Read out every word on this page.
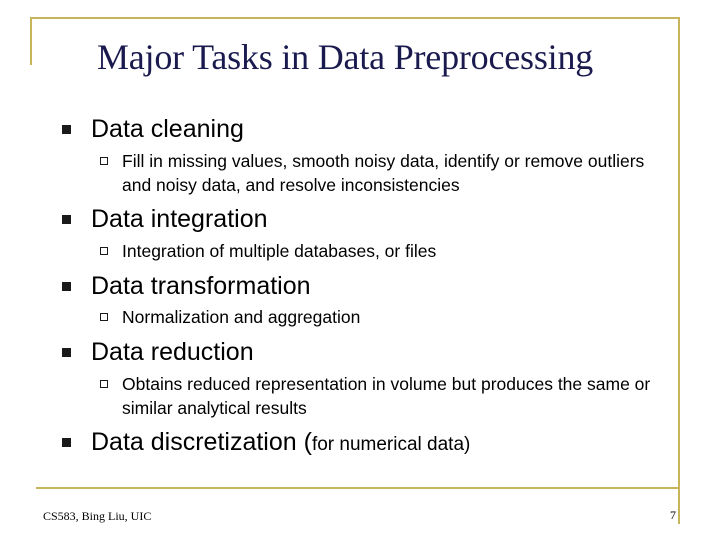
Major Tasks in Data Preprocessing
Data cleaning
Fill in missing values, smooth noisy data, identify or remove outliers and noisy data, and resolve inconsistencies
Data integration
Integration of multiple databases, or files
Data transformation
Normalization and aggregation
Data reduction
Obtains reduced representation in volume but produces the same or similar analytical results
Data discretization (for numerical data)
CS583, Bing Liu, UIC	7
